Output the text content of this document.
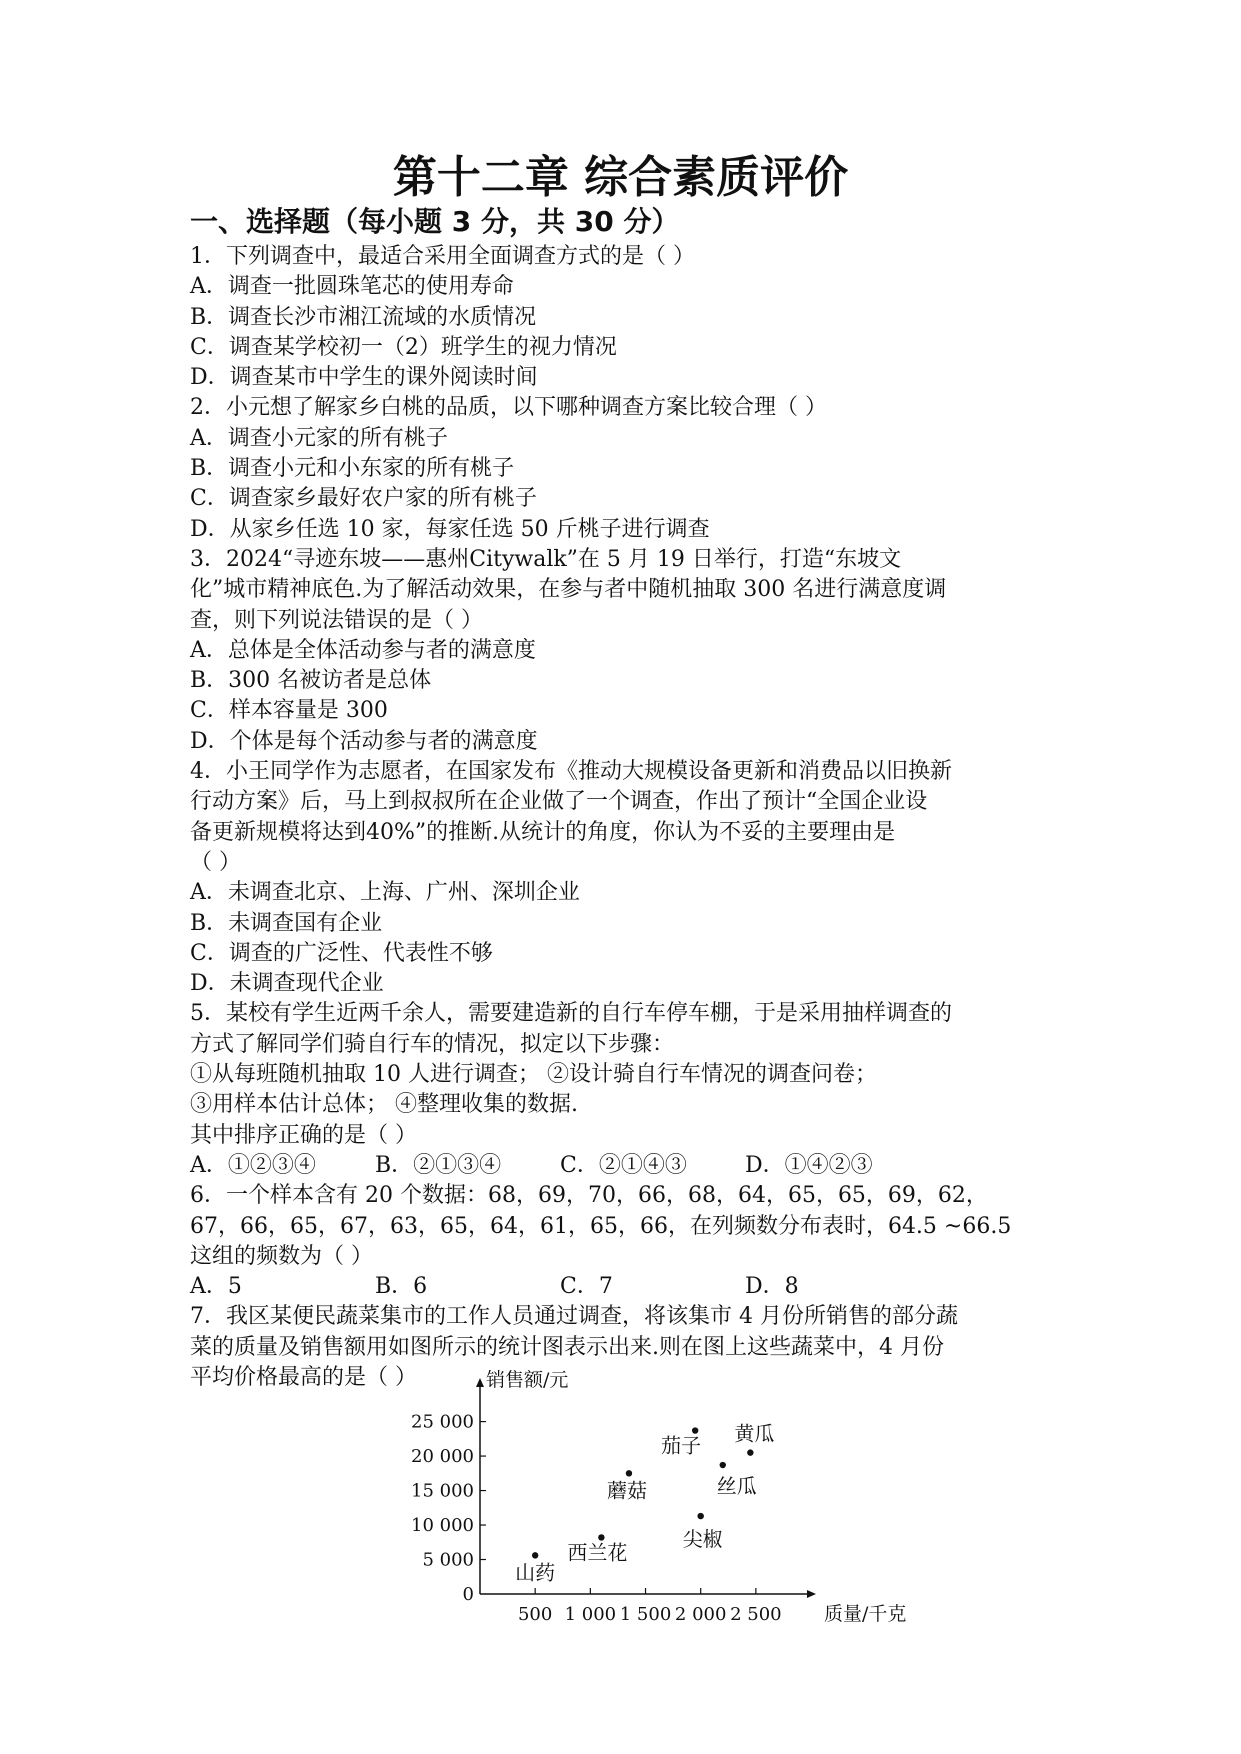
第十二章 综合素质评价
一、选择题（每小题 3 分，共 30 分）
1．下列调查中，最适合采用全面调查方式的是（ ）
A．调查一批圆珠笔芯的使用寿命
B．调查长沙市湘江流域的水质情况
C．调查某学校初一（2）班学生的视力情况
D．调查某市中学生的课外阅读时间
2．小元想了解家乡白桃的品质，以下哪种调查方案比较合理（ ）
A．调查小元家的所有桃子
B．调查小元和小东家的所有桃子
C．调查家乡最好农户家的所有桃子
D．从家乡任选 10 家，每家任选 50 斤桃子进行调查
3．2024“寻迹东坡——惠州Citywalk”在 5 月 19 日举行，打造“东坡文
化”城市精神底色.为了解活动效果，在参与者中随机抽取 300 名进行满意度调
查，则下列说法错误的是（ ）
A．总体是全体活动参与者的满意度
B．300 名被访者是总体
C．样本容量是 300
D．个体是每个活动参与者的满意度
4．小王同学作为志愿者，在国家发布《推动大规模设备更新和消费品以旧换新
行动方案》后，马上到叔叔所在企业做了一个调查，作出了预计“全国企业设
备更新规模将达到40%”的推断.从统计的角度，你认为不妥的主要理由是
（ ）
A．未调查北京、上海、广州、深圳企业
B．未调查国有企业
C．调查的广泛性、代表性不够
D．未调查现代企业
5．某校有学生近两千余人，需要建造新的自行车停车棚，于是采用抽样调查的
方式了解同学们骑自行车的情况，拟定以下步骤：
①从每班随机抽取 10 人进行调查； ②设计骑自行车情况的调查问卷；
③用样本估计总体； ④整理收集的数据.
其中排序正确的是（ ）
A．①②③④	B．②①③④	C．②①④③	D．①④②③
6．一个样本含有 20 个数据：68，69，70，66，68，64，65，65，69，62，
67，66，65，67，63，65，64，61，65，66，在列频数分布表时，64.5 ~66.5
这组的频数为（ ）
A．5	B．6	C．7	D．8
7．我区某便民蔬菜集市的工作人员通过调查，将该集市 4 月份所销售的部分蔬
菜的质量及销售额用如图所示的统计图表示出来.则在图上这些蔬菜中，4 月份
平均价格最高的是（ ）
0
5 000
10 000
15 000
20 000
25 000
500 1 000 1 500 2 000 2 500
销售额/元
质量/千克
山药
西兰花
蘑菇
茄子
丝瓜
黄瓜
尖椒
